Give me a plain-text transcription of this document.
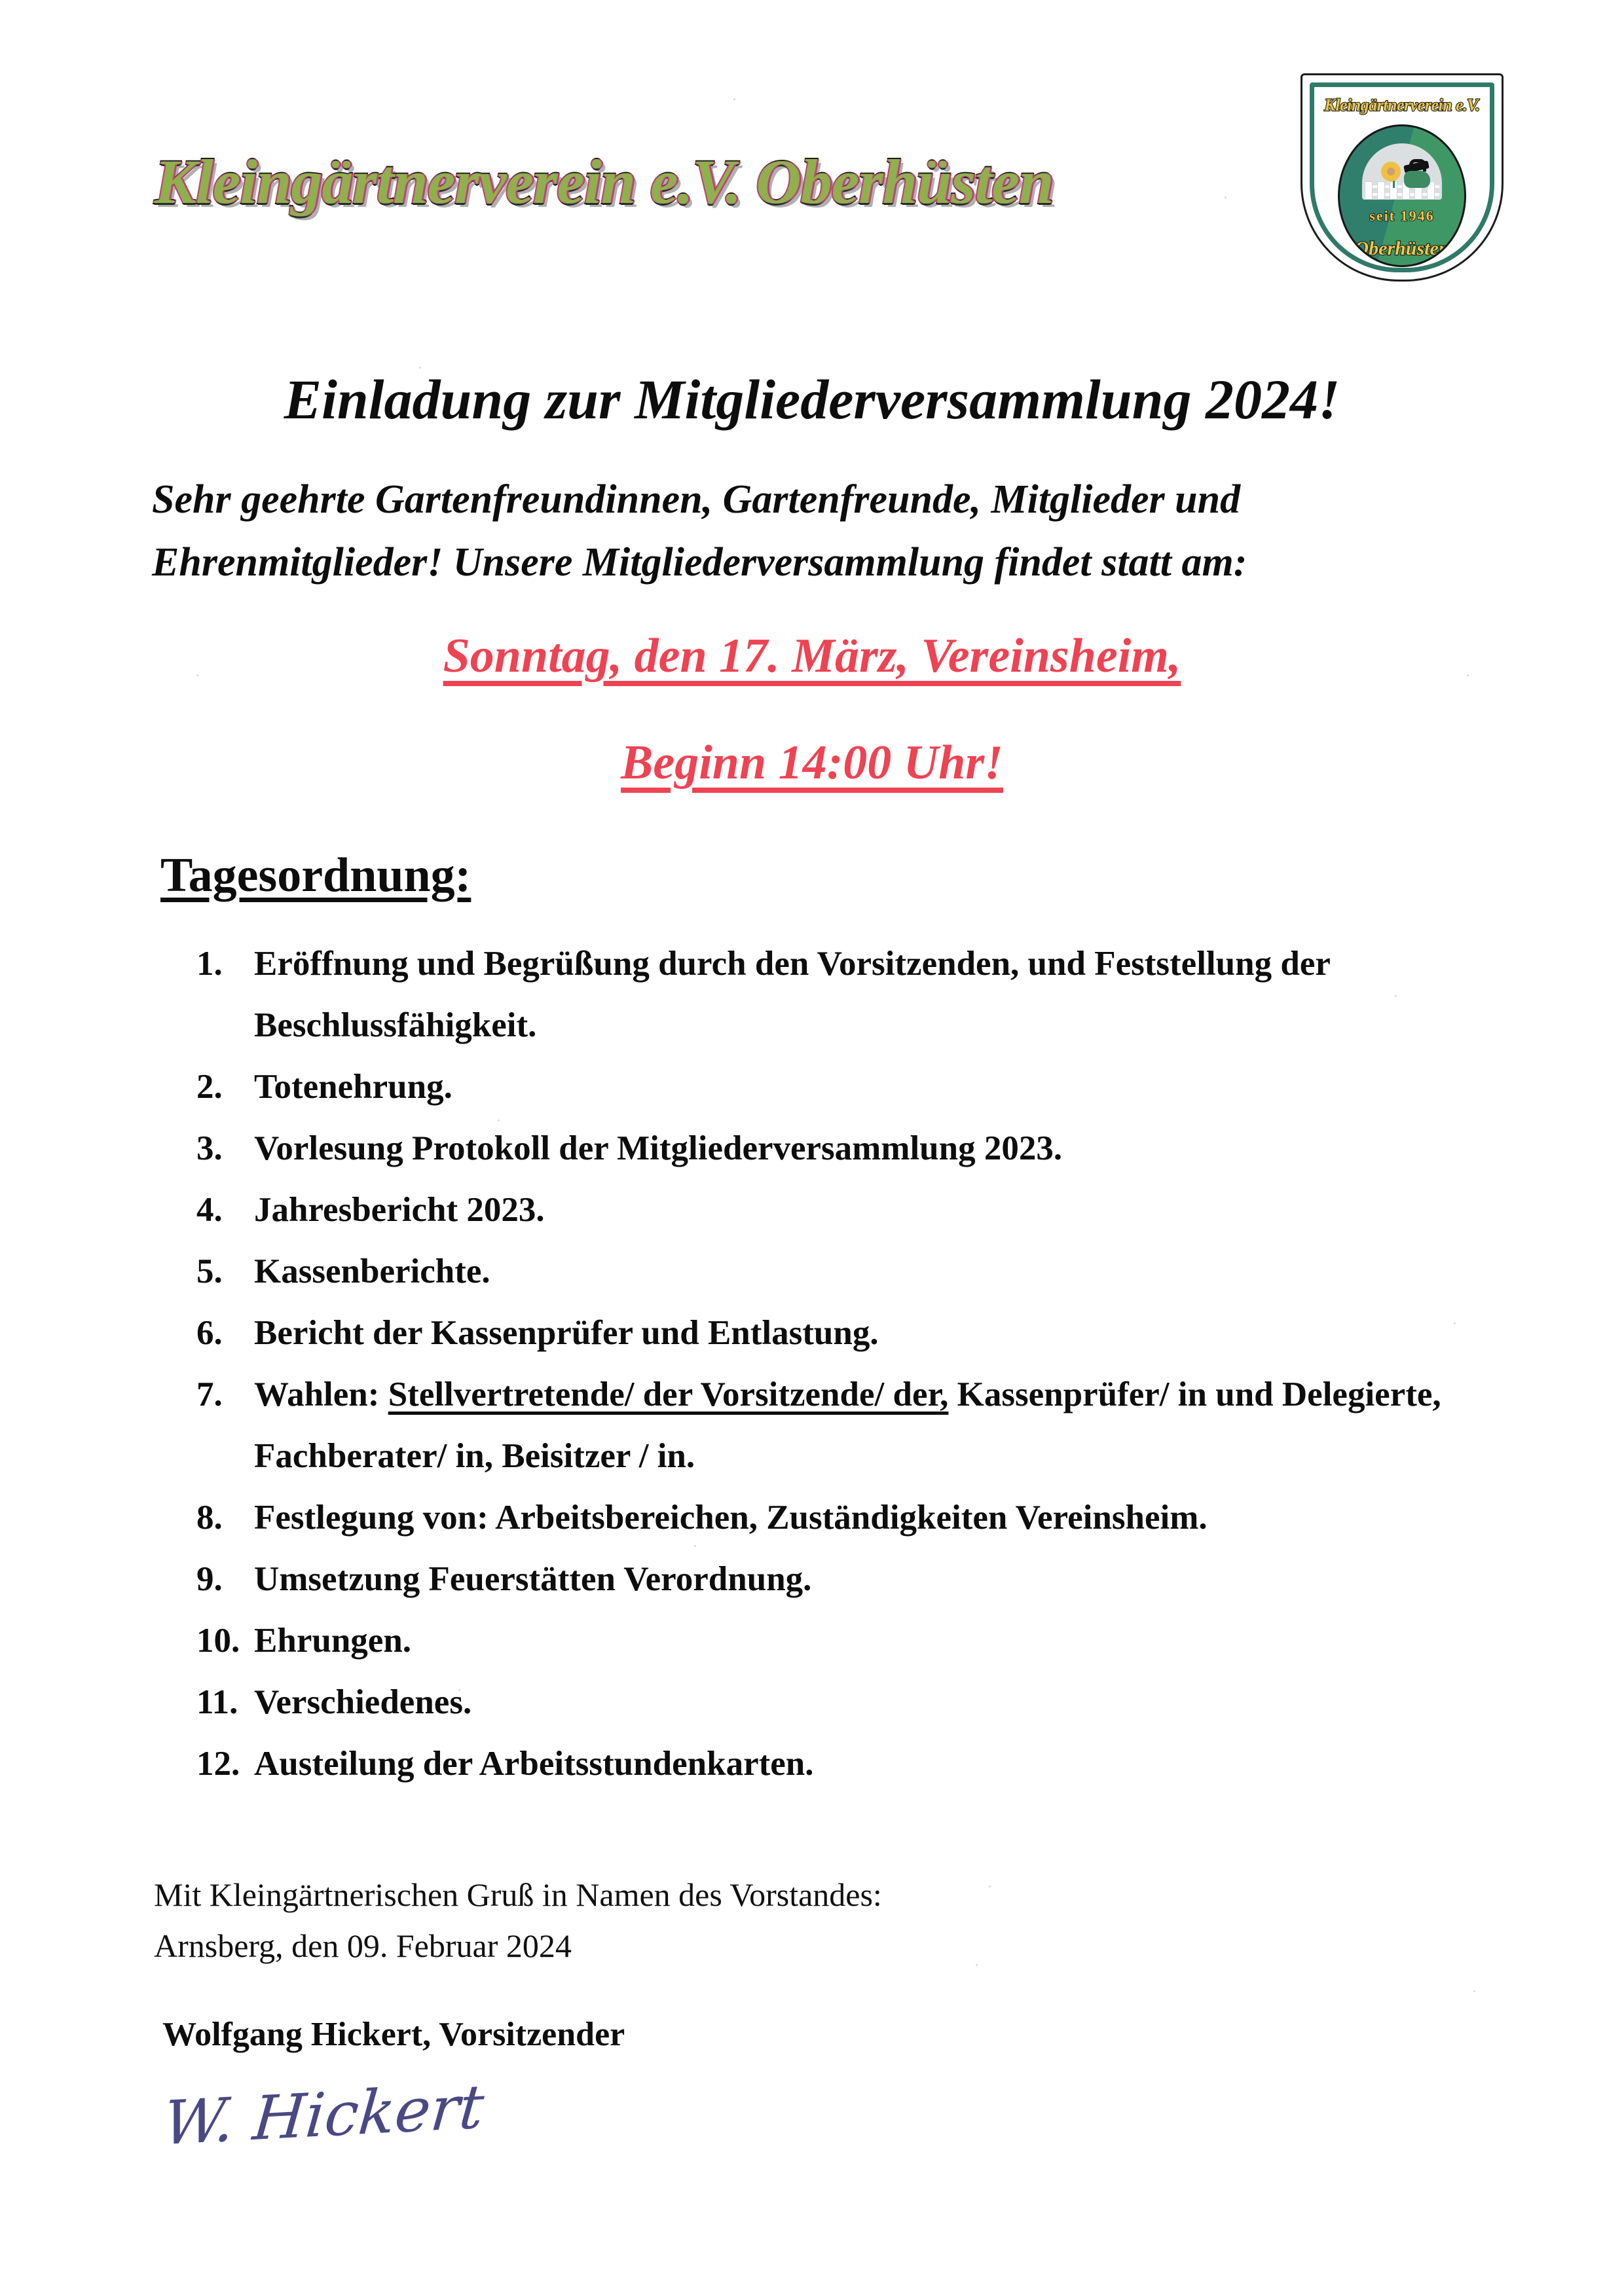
Kleingärtnerverein e.V. Oberhüsten
Kleingärtnerverein e.V.
seit 1946
Oberhüsten
Einladung zur Mitgliederversammlung 2024!
Sehr geehrte Gartenfreundinnen, Gartenfreunde, Mitglieder und
Ehrenmitglieder! Unsere Mitgliederversammlung findet statt am:
Sonntag, den 17. März, Vereinsheim,
Beginn 14:00 Uhr!
Tagesordnung:
1. Eröffnung und Begrüßung durch den Vorsitzenden, und Feststellung der Beschlussfähigkeit.
2. Totenehrung.
3. Vorlesung Protokoll der Mitgliederversammlung 2023.
4. Jahresbericht 2023.
5. Kassenberichte.
6. Bericht der Kassenprüfer und Entlastung.
7. Wahlen: Stellvertretende/ der Vorsitzende/ der, Kassenprüfer/ in und Delegierte, Fachberater/ in, Beisitzer / in.
8. Festlegung von: Arbeitsbereichen, Zuständigkeiten Vereinsheim.
9. Umsetzung Feuerstätten Verordnung.
10. Ehrungen.
11. Verschiedenes.
12. Austeilung der Arbeitsstundenkarten.
Mit Kleingärtnerischen Gruß in Namen des Vorstandes:
Arnsberg, den 09. Februar 2024
Wolfgang Hickert, Vorsitzender
W. Hickert
